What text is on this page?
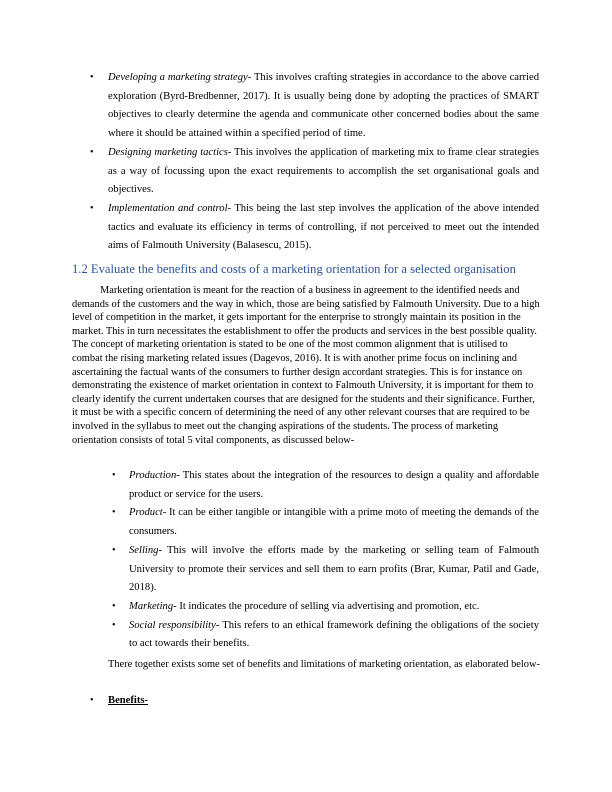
• Developing a marketing strategy- This involves crafting strategies in accordance to the above carried exploration (Byrd-Bredbenner, 2017). It is usually being done by adopting the practices of SMART objectives to clearly determine the agenda and communicate other concerned bodies about the same where it should be attained within a specified period of time.
• Designing marketing tactics- This involves the application of marketing mix to frame clear strategies as a way of focussing upon the exact requirements to accomplish the set organisational goals and objectives.
• Implementation and control- This being the last step involves the application of the above intended tactics and evaluate its efficiency in terms of controlling, if not perceived to meet out the intended aims of Falmouth University (Balasescu, 2015).
1.2 Evaluate the benefits and costs of a marketing orientation for a selected organisation

Marketing orientation is meant for the reaction of a business in agreement to the identified needs and demands of the customers and the way in which, those are being satisfied by Falmouth University. Due to a high level of competition in the market, it gets important for the enterprise to strongly maintain its position in the market. This in turn necessitates the establishment to offer the products and services in the best possible quality. The concept of marketing orientation is stated to be one of the most common alignment that is utilised to combat the rising marketing related issues (Dagevos, 2016). It is with another prime focus on inclining and ascertaining the factual wants of the consumers to further design accordant strategies. This is for instance on demonstrating the existence of market orientation in context to Falmouth University, it is important for them to clearly identify the current undertaken courses that are designed for the students and their significance. Further, it must be with a specific concern of determining the need of any other relevant courses that are required to be involved in the syllabus to meet out the changing aspirations of the students. The process of marketing orientation consists of total 5 vital components, as discussed below-

• Production- This states about the integration of the resources to design a quality and affordable product or service for the users.
• Product- It can be either tangible or intangible with a prime moto of meeting the demands of the consumers.
• Selling- This will involve the efforts made by the marketing or selling team of Falmouth University to promote their services and sell them to earn profits (Brar, Kumar, Patil and Gade, 2018).
• Marketing- It indicates the procedure of selling via advertising and promotion, etc.
• Social responsibility- This refers to an ethical framework defining the obligations of the society to act towards their benefits.

There together exists some set of benefits and limitations of marketing orientation, as elaborated below-

• Benefits-
